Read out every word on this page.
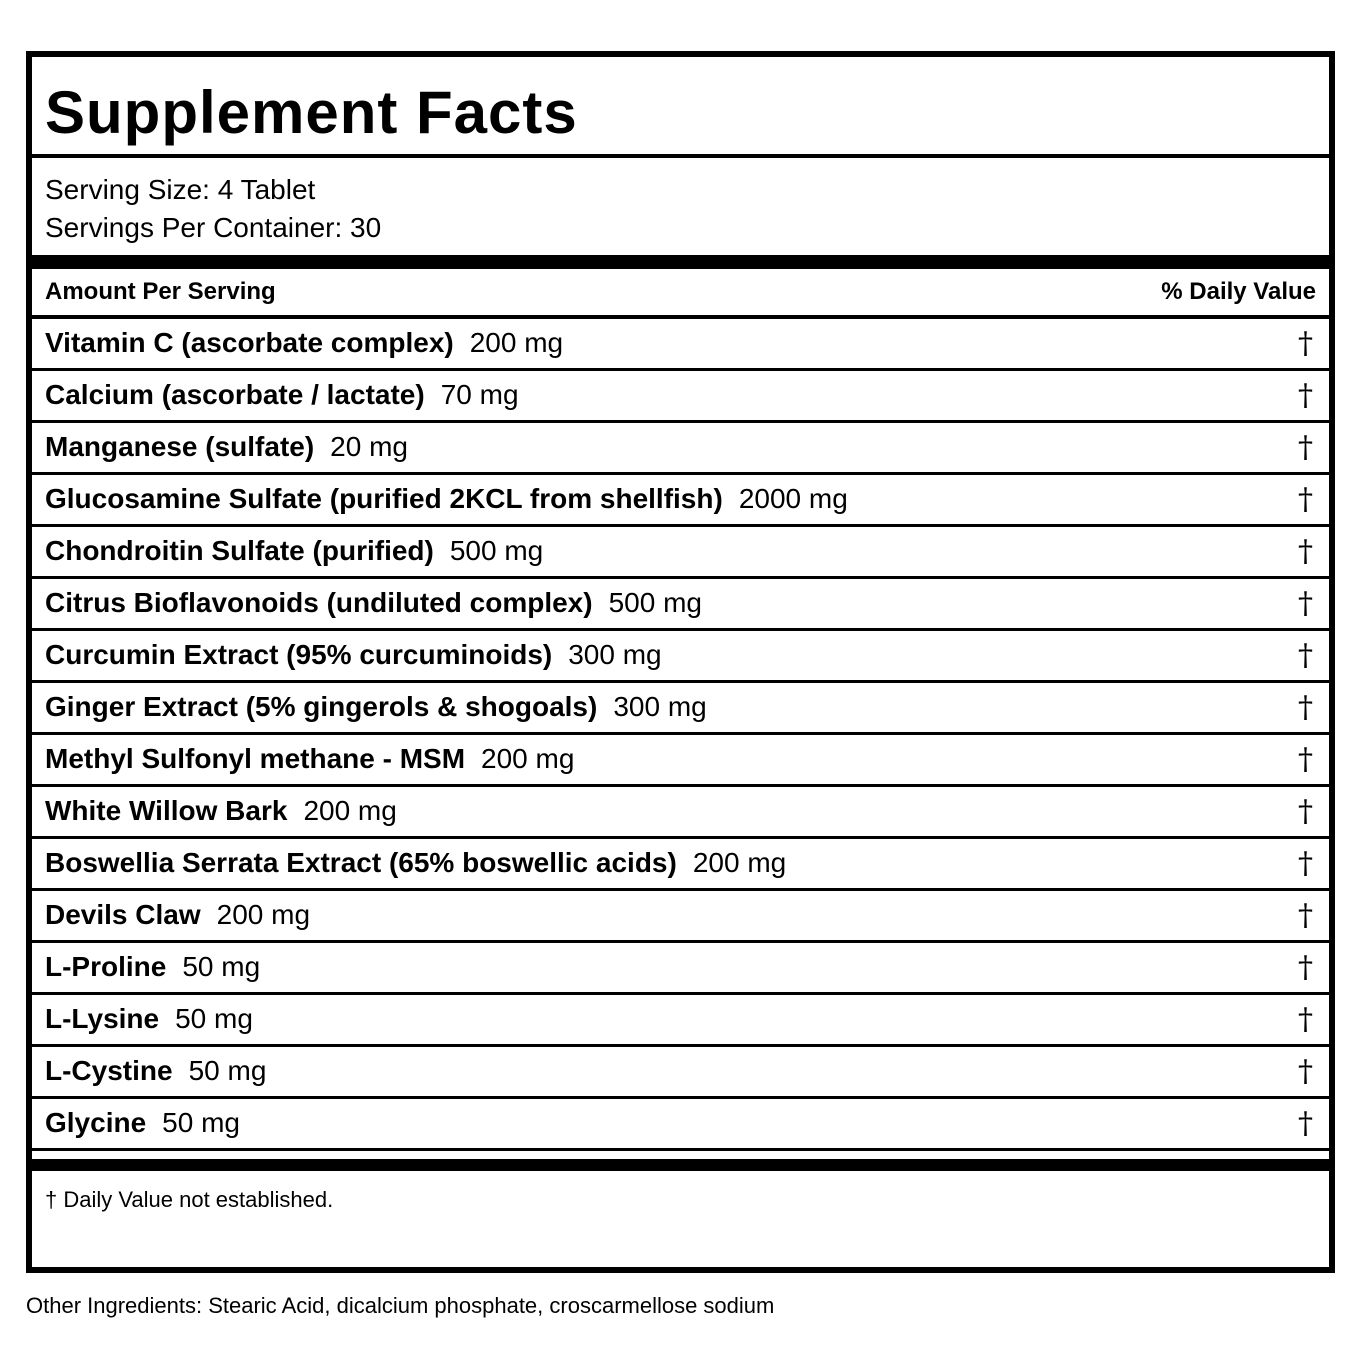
Supplement Facts
Serving Size: 4 Tablet
Servings Per Container: 30
Amount Per Serving	% Daily Value
Vitamin C (ascorbate complex) 200 mg	†
Calcium (ascorbate / lactate) 70 mg	†
Manganese (sulfate) 20 mg	†
Glucosamine Sulfate (purified 2KCL from shellfish) 2000 mg	†
Chondroitin Sulfate (purified) 500 mg	†
Citrus Bioflavonoids (undiluted complex) 500 mg	†
Curcumin Extract (95% curcuminoids) 300 mg	†
Ginger Extract (5% gingerols & shogoals) 300 mg	†
Methyl Sulfonyl methane - MSM 200 mg	†
White Willow Bark 200 mg	†
Boswellia Serrata Extract (65% boswellic acids) 200 mg	†
Devils Claw 200 mg	†
L-Proline 50 mg	†
L-Lysine 50 mg	†
L-Cystine 50 mg	†
Glycine 50 mg	†
† Daily Value not established.
Other Ingredients: Stearic Acid, dicalcium phosphate, croscarmellose sodium
